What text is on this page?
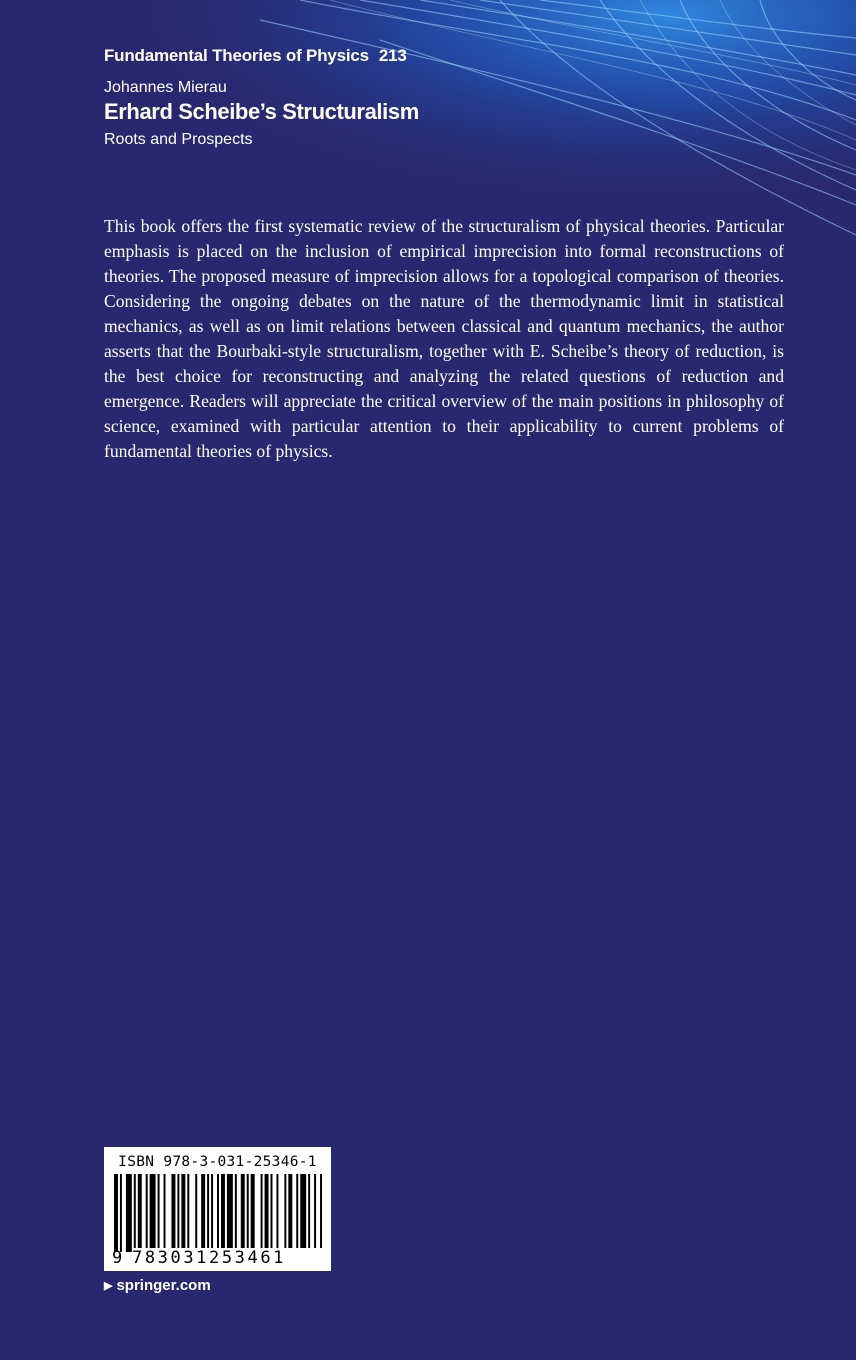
Fundamental Theories of Physics 213
Johannes Mierau
Erhard Scheibe’s Structuralism
Roots and Prospects

This book offers the first systematic review of the structuralism of physical theories. Particular emphasis is placed on the inclusion of empirical imprecision into formal reconstructions of theories. The proposed measure of imprecision allows for a topological comparison of theories. Considering the ongoing debates on the nature of the thermodynamic limit in statistical mechanics, as well as on limit relations between classical and quantum mechanics, the author asserts that the Bourbaki-style structuralism, together with E. Scheibe’s theory of reduction, is the best choice for reconstructing and analyzing the related questions of reduction and emergence. Readers will appreciate the critical overview of the main positions in philosophy of science, examined with particular attention to their applicability to current problems of fundamental theories of physics.

ISBN 978-3-031-25346-1
9 783031253461
▶ springer.com
